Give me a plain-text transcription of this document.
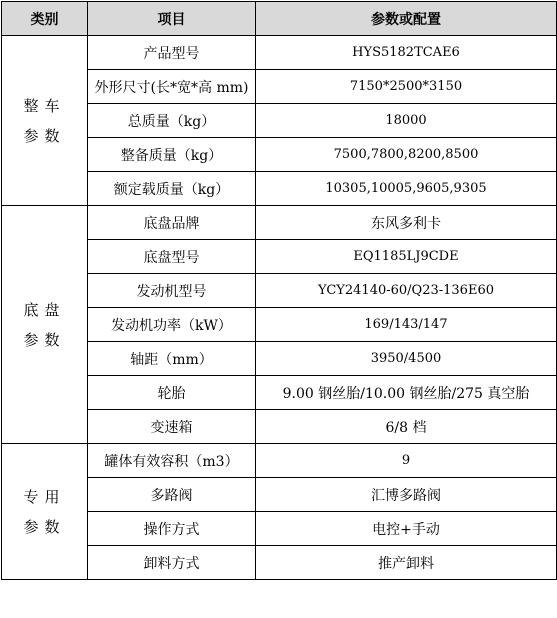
类别	项目	参数或配置
整车参数	产品型号	HYS5182TCAE6
	外形尺寸(长*宽*高 mm)	7150*2500*3150
	总质量（kg）	18000
	整备质量（kg）	7500,7800,8200,8500
	额定载质量（kg）	10305,10005,9605,9305
底盘参数	底盘品牌	东风多利卡
	底盘型号	EQ1185LJ9CDE
	发动机型号	YCY24140-60/Q23-136E60
	发动机功率（kW）	169/143/147
	轴距（mm）	3950/4500
	轮胎	9.00 钢丝胎/10.00 钢丝胎/275 真空胎
	变速箱	6/8 档
专用参数	罐体有效容积（m3）	9
	多路阀	汇博多路阀
	操作方式	电控+手动
	卸料方式	推产卸料
